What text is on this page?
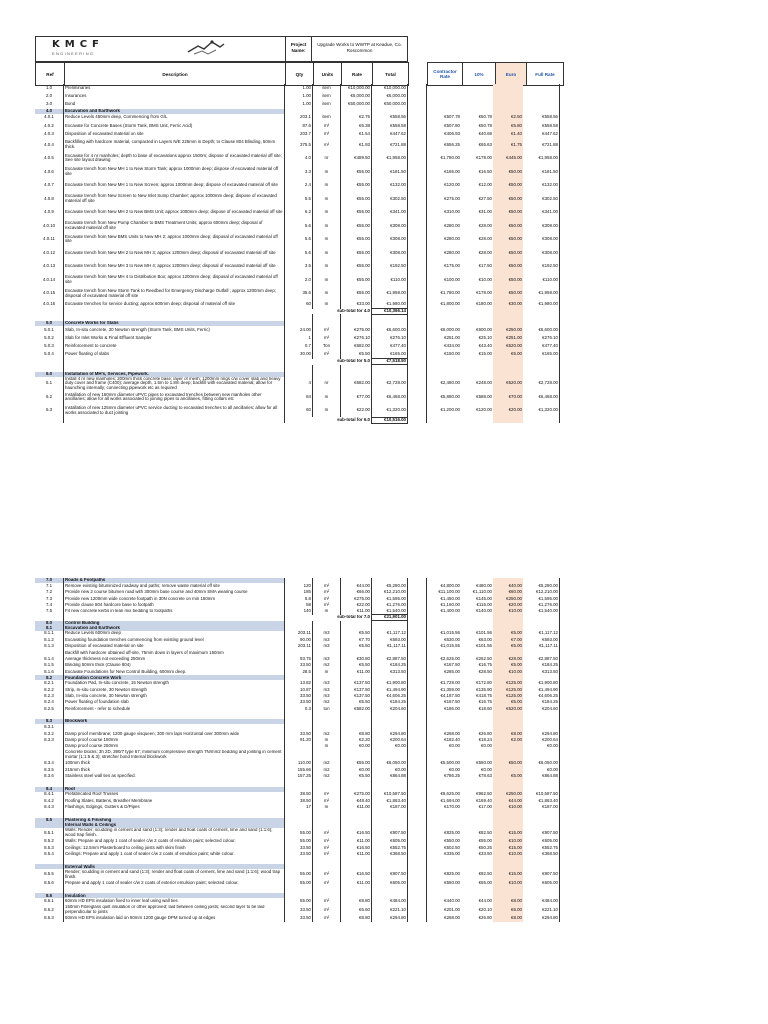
KMCF
ENGINEERING
Project Name:
Upgrade Works to WWTP at Keadue, Co. Roscommon
Ref	Description	Qty	Units	Rate	Total		Contractor Rate	10%	Euro	Full Rate
1.0	Preliminaries	1.00	item	€10,000.00	€10,000.00					
2.0	Insurances	1.00	item	€6,000.00	€6,000.00					
3.0	Bond	1.00	item	€50,000.00	€50,000.00					
4.0	Excavation and Earthwork									
4.0.1	Reduce Levels 450mm deep, Commencing from G/L	203.1	item	€2.75	€558.56		€507.78	€50.78	€2.50	€558.56
4.0.2	Excavate for Concrete Bases (Storm Tank, BMS Unit, Ferric Acid)	87.6	m³	€6.38	€558.58		€507.80	€50.78	€5.80	€558.58
4.0.3	Disposition of excavated material on site	203.7	m³	€1.54	€447.62		€406.93	€40.69	€1.40	€447.62
4.0.4	Backfilling with hardcore material, compacted in Layers N/E 225mm in Depth; to Clause 804 Blinding, 50mm thick.	375.5	m³	€1.93	€721.88		€656.25	€65.63	€1.75	€721.88
4.0.5	Excavate for 4 nr manholes; depth to base of excavations approx 1500m; dispose of excavated material off site; See site layout drawing	4.0	nr	€489.50	€1,958.00		€1,780.00	€178.00	€445.00	€1,958.00
4.0.6	Excavate trench from New MH 1 to New Storm Tank; approx 1000mm deep; dispose of excavated material off site	3.3	m	€55.00	€181.50		€165.00	€16.50	€50.00	€181.50
4.0.7	Excavate trench from New MH 1 to New Screen; approx 1000mm deep; dispose of excavated material off site	2.4	m	€55.00	€132.00		€120.00	€12.00	€50.00	€132.00
4.0.8	Excavate trench from New Screen to New Inlet Sump Chamber; approx 1000mm deep; dispose of excavated material off site	5.5	m	€55.00	€302.50		€275.00	€27.50	€50.00	€302.50
4.0.9	Excavate trench from New MH 2 to New BMS Unit; approx 1000mm deep; dispose of excavated material off site	6.2	m	€55.00	€341.00		€310.00	€31.00	€50.00	€341.00
4.0.10	Excavate trench from New Pump Chamber to BMS Treatment Units; approx 600mm deep; disposal of excavated material off site	5.6	m	€55.00	€308.00		€280.00	€28.00	€50.00	€308.00
4.0.11	Excavate trench from New BMS Units to New MH 2; approx 1000mm deep; disposal of excavated material off site	5.6	m	€55.00	€308.00		€280.00	€28.00	€50.00	€308.00
4.0.12	Excavate trench from New MH 2 to New MH 3; approx 1200mm deep; disposal of excavated material off site	5.6	m	€55.00	€308.00		€280.00	€28.00	€50.00	€308.00
4.0.13	Excavate trench from New MH 3 to New MH 4; approx 1200mm deep; disposal of excavated material off site	3.5	m	€55.00	€192.50		€175.00	€17.50	€50.00	€192.50
4.0.14	Excavate trench from New MH 4 to Distribution Box; approx 1200mm deep; disposal of excavated material off site	2.0	m	€55.00	€110.00		€100.00	€10.00	€50.00	€110.00
4.0.15	Excavate trench from New Storm Tank to Reedbed for Emergency Discharge Outfall ; approx 1200mm deep; disposal of excavated material off site	35.6	m	€55.00	€1,958.00		€1,780.00	€178.00	€50.00	€1,958.00
4.0.16	Excavate trenches for service ducting; approx 600mm deep; disposal of material off site	60	m	€33.00	€1,980.00		€1,800.00	€180.00	€30.00	€1,980.00
		sub-total for 4.0			€10,366.14					

5.0	Concrete Works for Slabs									
5.0.1	Slab, In-situ concrete, 30 Newton strength (Storm Tank, BMS Units, Ferric)	24.00	m³	€275.00	€6,600.00		€6,000.00	€600.00	€250.00	€6,600.00
5.0.2	Slab for Inlet Works & Final Effluent Sampler	1	m³	€276.10	€276.10		€251.00	€25.10	€251.00	€276.10
5.0.3	Reinforcement to concrete	0.7	Ton	€682.00	€477.40		€434.00	€43.40	€620.00	€477.40
5.0.4	Power floating of slabs	30.00	m²	€5.50	€165.00		€150.00	€15.00	€5.00	€165.00
		sub-total for 5.0			€7,518.50					

6.0	Installation of MH's, Services, Pipework.									
6.1	Install 4 nr new manholes; 200mm thick concrete base; layer of mesh; 1200mm rings c/w cover slab and heavy duty cover and frame (C400); average depth, 1.5m to 1.8m deep; backfill with excavated material; allow for haunching internally; connecting pipework etc as required	4	nr	€682.00	€2,728.00		€2,480.00	€248.00	€620.00	€2,728.00
6.2	Installation of new 160mm diameter uPVC pipes to excavated trenches between new manholes other ancillaries; allow for all works associated to joining pipes to ancillaries, fitting collars etc	84	m	€77.00	€6,468.00		€5,880.00	€588.00	€70.00	€6,468.00
6.3	Installation of new 125mm diameter uPVC service ducting to excavated trenches to all ancillaries; allow for all works associated to duct jointing	60	m	€22.00	€1,320.00		€1,200.00	€120.00	€20.00	€1,320.00
		sub-total for 6.0			€10,516.00					
7.0	Roads & Footpaths									
7.1	Remove existing bituminized roadway and paths; remove waste material off site	120	m²	€44.00	€5,280.00		€4,800.00	€480.00	€40.00	€5,280.00
7.2	Provide new 2 course bitumen road with 300mm base course and 40mm SMA wearing course	185	m²	€66.00	€12,210.00		€11,100.00	€1,110.00	€60.00	€12,210.00
7.3	Provide new 1200mm wide concrete footpath in 30N concrete on min 150mm	5.8	m²	€275.00	€1,595.00		€1,450.00	€145.00	€250.00	€1,595.00
7.4	Provide clause 804 hardcore base to footpath	58	m²	€22.00	€1,276.00		€1,160.00	€116.00	€20.00	€1,276.00
7.5	Fit new concrete kerbs in lean mix bedding to footpaths	140	m	€11.00	€1,540.00		€1,400.00	€140.00	€10.00	€1,540.00
		sub-total for 7.0			€21,901.00					
8.0	Control Building									
8.1	Excavation and Earthwork									
8.1.1	Reduce Levels 600mm deep	203.11	m3	€5.50	€1,117.12		€1,015.56	€101.56	€5.00	€1,117.12
8.1.2	Excavating foundation trenches commencing from existing ground level	90.00	m3	€7.70	€693.00		€630.00	€63.00	€7.00	€693.00
8.1.3	Disposition of excavated material on site	203.11	m3	€5.50	€1,117.11		€1,015.55	€101.56	€5.00	€1,117.11
	Backfill with hardcore obtained off-site, 75mm down in layers of maximum 150mm									
8.1.4	Average thickness not exceeding 250mm	93.75	m3	€30.80	€2,887.50		€2,625.00	€262.50	€28.00	€2,887.50
8.1.5	Blinding 50mm thick (Clause 804)	33.50	m2	€5.50	€184.25		€167.50	€16.75	€5.00	€184.25
8.1.6	Excavate Foundations for New Control Building, 600mm deep.	28.5	m	€11.00	€313.50		€285.00	€28.50	€10.00	€313.50
8.2	Foundation Concrete Work									
8.2.1	Foundation Pad, In-situ concrete, 15 Newton strength	13.82	m3	€137.50	€1,900.80		€1,728.00	€172.80	€125.00	€1,900.80
8.2.2	Strip, In-situ concrete, 30 Newton strength	10.87	m3	€137.50	€1,494.90		€1,359.00	€135.90	€125.00	€1,494.90
8.2.3	Slab, In-situ concrete, 30 Newton strength	33.50	m3	€137.50	€4,606.25		€4,187.50	€418.75	€125.00	€4,606.25
8.2.4	Power floating of foundation slab	33.50	m2	€5.50	€184.25		€167.50	€16.75	€5.00	€184.25
8.2.5	Reinforcement - refer to schedule	0.3	ton	€682.00	€204.60		€186.00	€18.60	€620.00	€204.60

8.3	Blockwork									
8.3.1										
8.3.2	Damp proof membrane; 1200 gauge visqueen; 300 mm laps Horizontal over 300mm wide	33.50	m2	€8.80	€294.80		€268.00	€26.80	€8.00	€294.80
8.3.3	Damp proof course 150mm	91.20	m	€2.20	€200.64		€182.40	€18.24	€2.00	€200.64
	Damp proof course 250mm		m	€0.00	€0.00		€0.00	€0.00		€0.00
	Concrete blocks; 3h 2D, 390/7 type 67; minimum compressive strength 7N/mm2 bedding and jointing in cement mortar (1:1:5 & 3); stretcher bond Internal blockwork									
8.3.4	100mm thick	110.00	m2	€55.00	€6,050.00		€5,500.00	€550.00	€50.00	€6,050.00
8.3.5	215mm thick	155.66	m2	€0.00	€0.00		€0.00	€0.00		€0.00
8.3.6	Stainless steel wall ties as specified.	157.25	m2	€5.50	€864.88		€786.25	€78.63	€5.00	€864.88

8.4	Roof									
8.4.1	Prefabricated Roof Trusses	38.50	m²	€275.00	€10,587.50		€9,625.00	€962.50	€250.00	€10,587.50
8.4.2	Roofing Slates, Battens, Breather Membrane	38.50	m²	€48.40	€1,863.40		€1,694.00	€169.40	€44.00	€1,863.40
8.4.3	Flashings, Edgings, Gutters & D/Pipes	17	m	€11.00	€187.00		€170.00	€17.00	€10.00	€187.00

8.5	Plastering & Finishing									
	Internal Walls & Ceilings									
8.5.1	Walls: Render; scudding in cement and sand (1:3); render and float coats of cement, lime and sand (1:1:6); wood trap finish.	55.00	m²	€16.50	€907.50		€825.00	€82.50	€15.00	€907.50
8.5.2	Walls: Prepare and apply 1 coat of sealer c/w 2 coats of emulsion paint; selected colour.	55.00	m²	€11.00	€605.00		€550.00	€55.00	€10.00	€605.00
8.5.3	Ceilings: 12.5mm Plasterboard to ceiling joists with skim finish	33.50	m²	€16.50	€552.75		€502.50	€50.25	€15.00	€552.75
8.5.4	Ceilings: Prepare and apply 1 coat of sealer c/w 2 coats of emulsion paint; white colour.	33.50	m²	€11.00	€368.50		€335.00	€33.50	€10.00	€368.50

	External Walls									
8.5.5	Render; scudding in cement and sand (1:3); render and float coats of cement, lime and sand (1:1:6); wood trap finish.	55.00	m²	€16.50	€907.50		€825.00	€82.50	€15.00	€907.50
8.5.6	Prepare and apply 1 coat of sealer c/w 2 coats of exterior emulsion paint; selected colour.	55.00	m²	€11.00	€605.00		€550.00	€55.00	€10.00	€605.00

8.6	Insulation									
8.6.1	60mm HD EPS insulation fixed to inner leaf using wall ties	55.00	m²	€8.80	€484.00		€440.00	€44.00	€8.00	€484.00
8.6.2	150mm Fibreglass quilt insulation or other approved; laid between ceiling joists; second layer to be laid perpendicular to joists	33.50	m²	€6.60	€221.10		€201.00	€20.10	€6.00	€221.10
8.6.3	50mm HD EPS insulation laid on 50mm 1200 gauge DPM turned up at edges	33.50	m²	€8.80	€294.80		€268.00	€26.80	€8.00	€294.80
